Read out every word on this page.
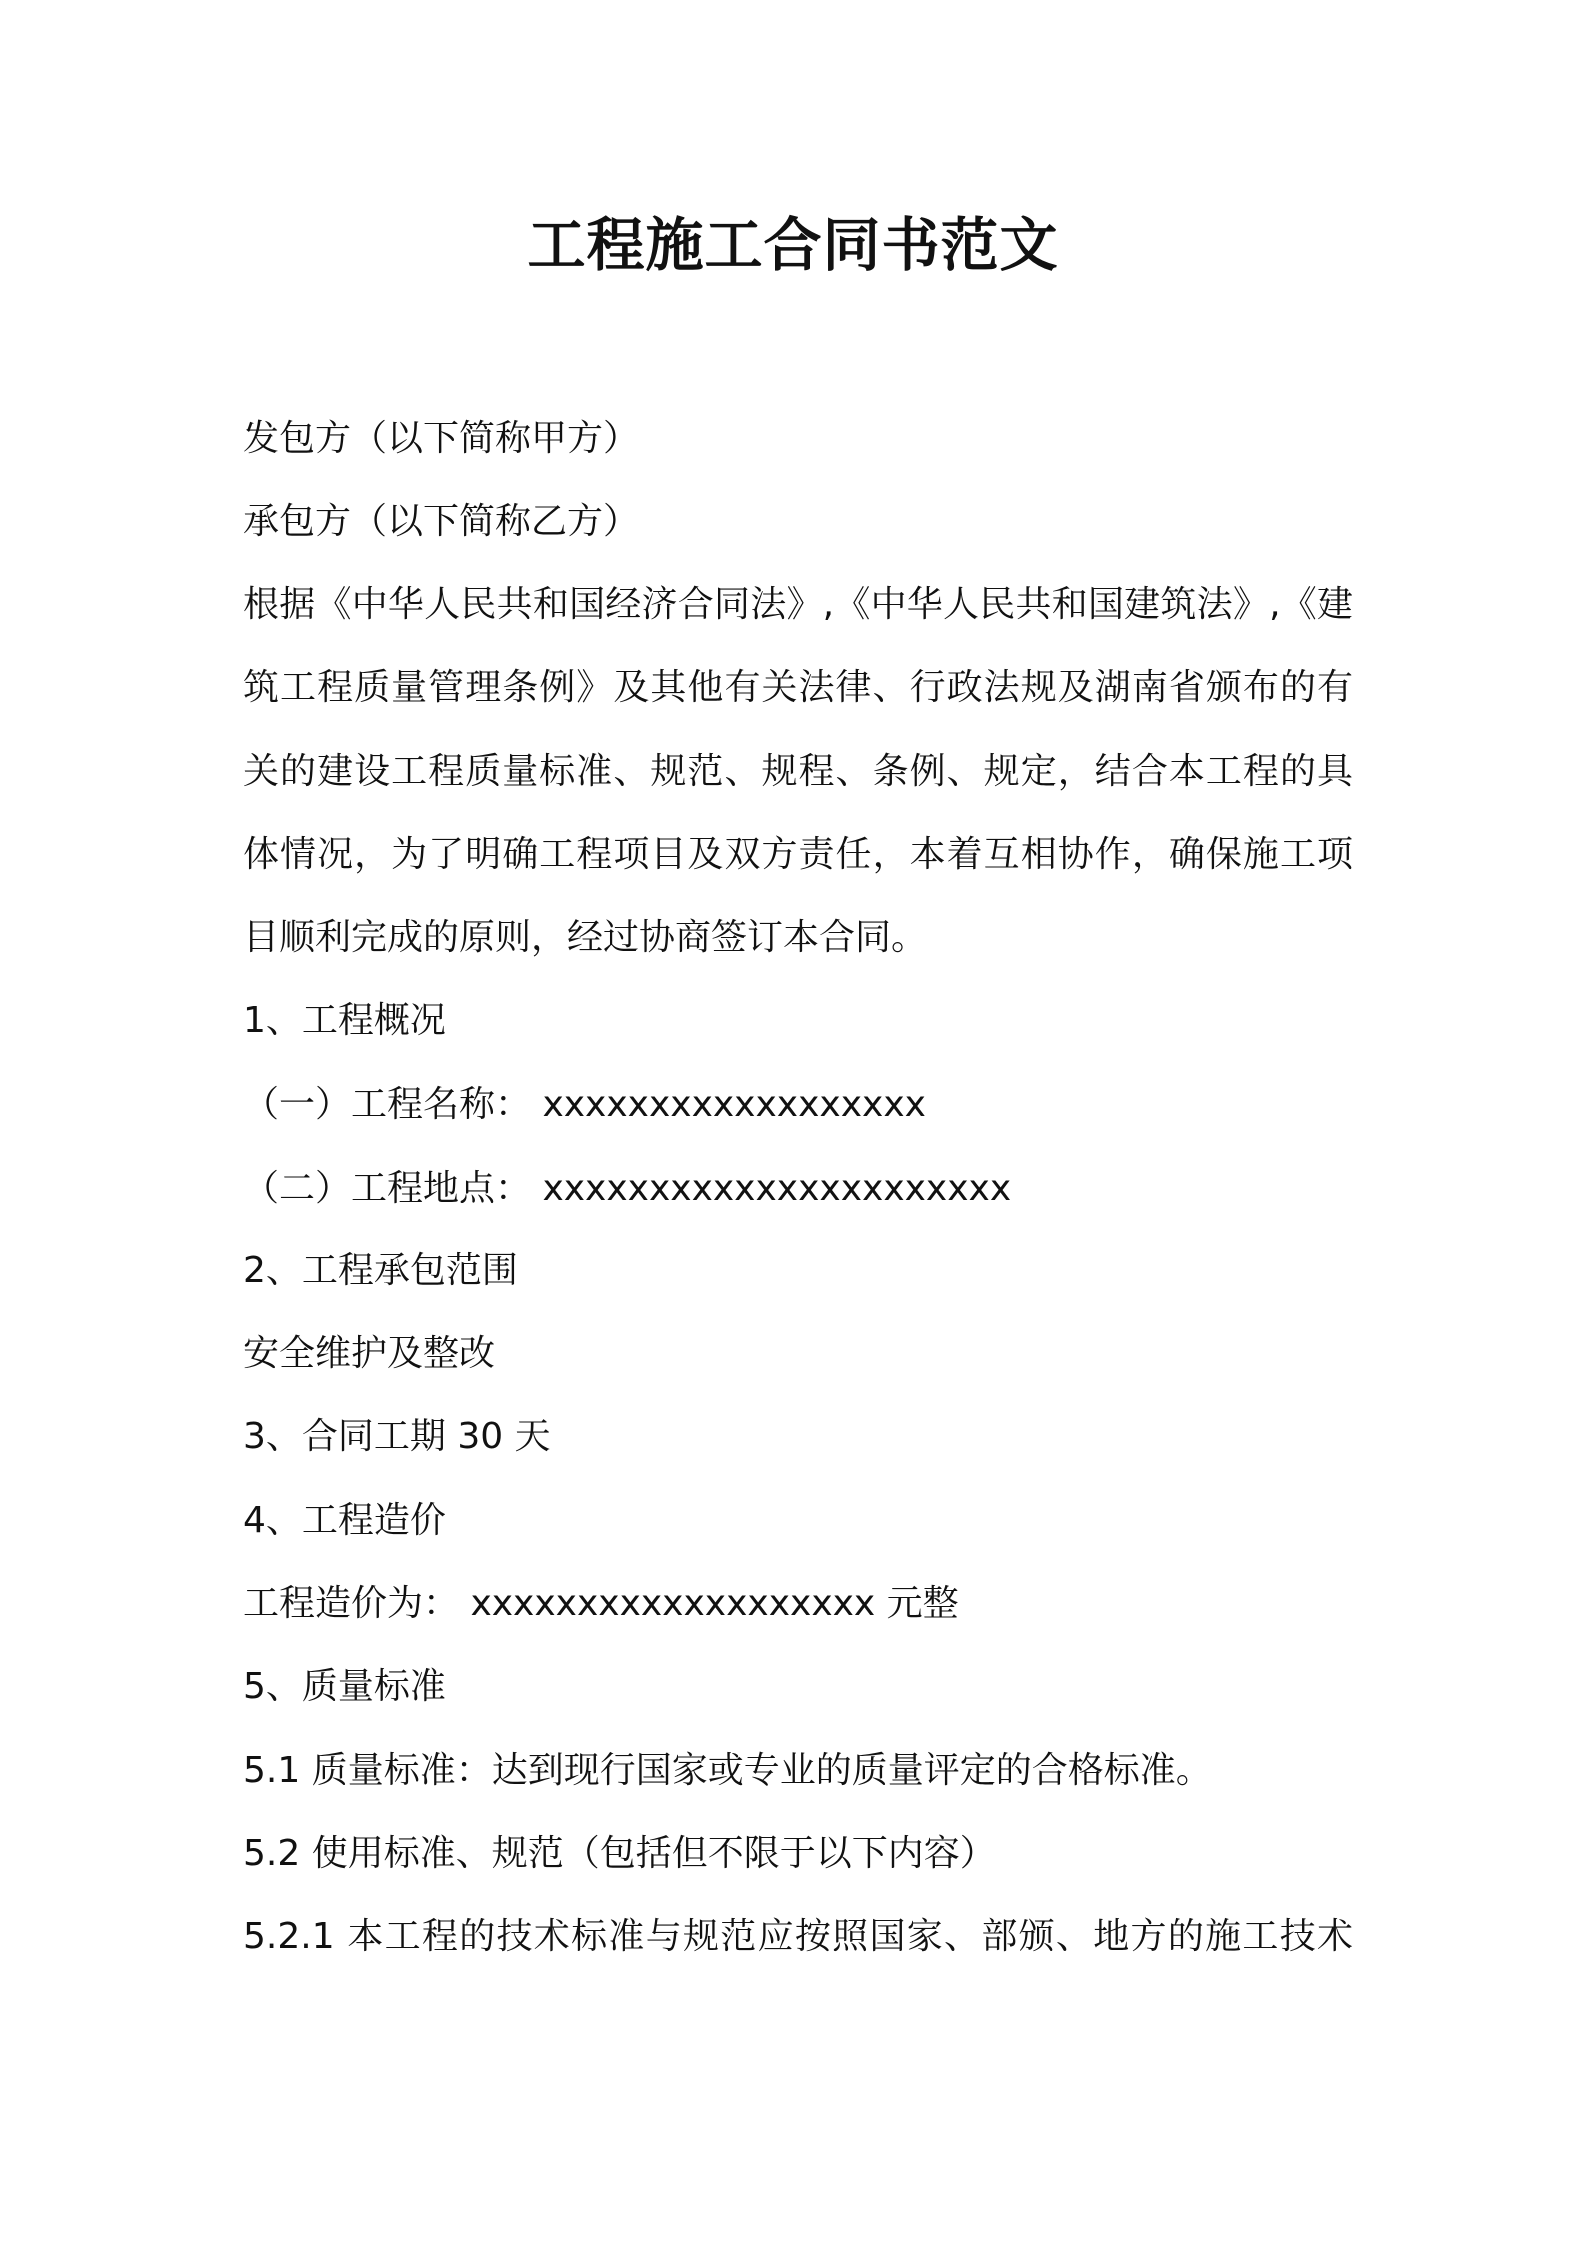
工程施工合同书范文
发包方（以下简称甲方）
承包方（以下简称乙方）
根据《中华人民共和国经济合同法》,《中华人民共和国建筑法》,《建
筑工程质量管理条例》及其他有关法律、行政法规及湖南省颁布的有
关的建设工程质量标准、规范、规程、条例、规定，结合本工程的具
体情况，为了明确工程项目及双方责任，本着互相协作，确保施工项
目顺利完成的原则，经过协商签订本合同。
1、工程概况
（一）工程名称： xxxxxxxxxxxxxxxxxx
（二）工程地点： xxxxxxxxxxxxxxxxxxxxxx
2、工程承包范围
安全维护及整改
3、合同工期 30 天
4、工程造价
工程造价为： xxxxxxxxxxxxxxxxxxx 元整
5、质量标准
5.1 质量标准：达到现行国家或专业的质量评定的合格标准。
5.2 使用标准、规范（包括但不限于以下内容）
5.2.1 本工程的技术标准与规范应按照国家、部颁、地方的施工技术
